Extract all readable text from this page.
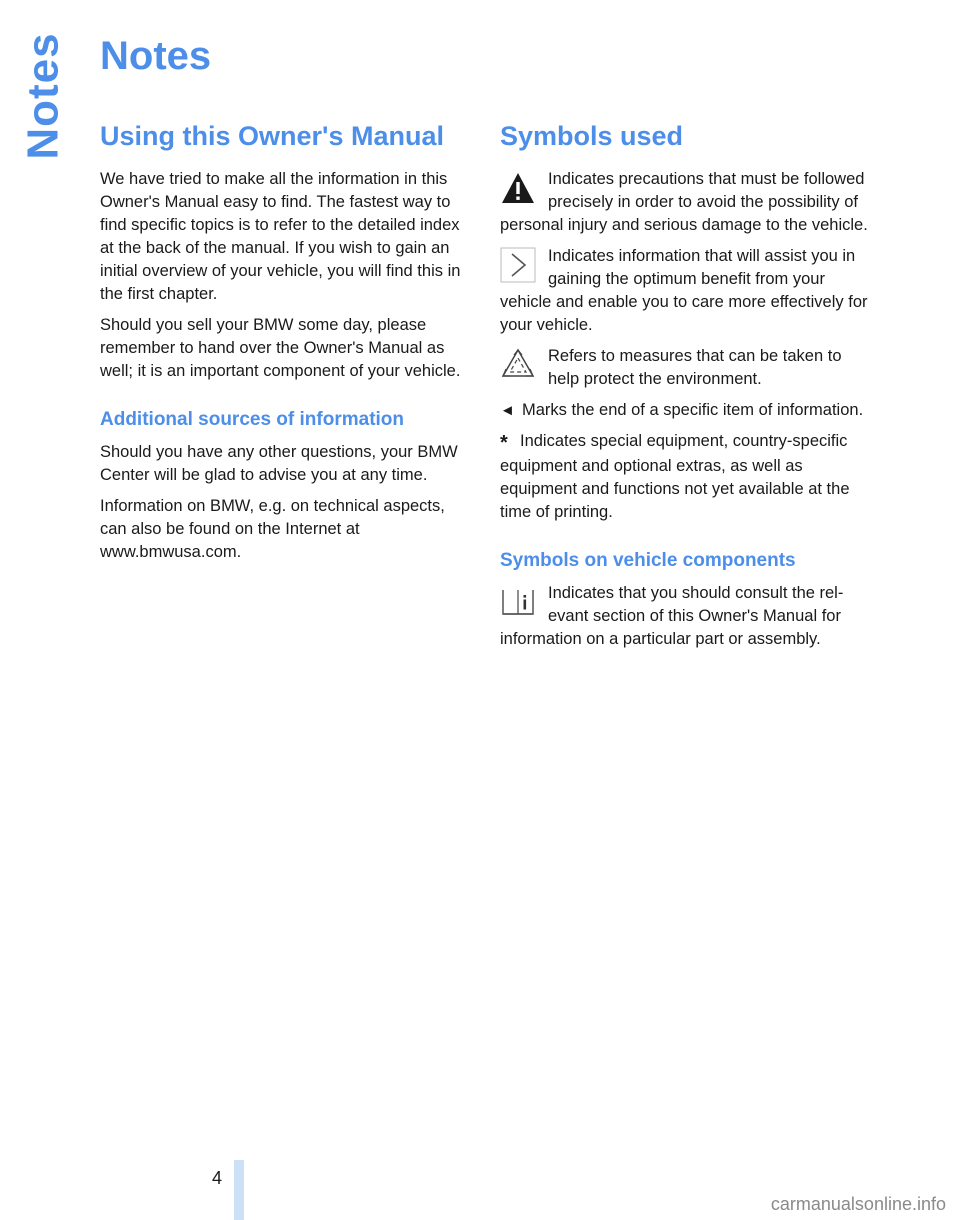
Notes Notes
Using this Owner's Manual

We have tried to make all the information in this Owner's Manual easy to find. The fastest way to find specific topics is to refer to the detailed index at the back of the manual. If you wish to gain an initial overview of your vehicle, you will find this in the first chapter.

Should you sell your BMW some day, please remember to hand over the Owner's Manual as well; it is an important component of your vehicle.

Additional sources of information

Should you have any other questions, your BMW Center will be glad to advise you at any time.

Information on BMW, e.g. on technical aspects, can also be found on the Internet at www.bmwusa.com.

Symbols used

Indicates precautions that must be followed precisely in order to avoid the possibility of personal injury and serious damage to the vehicle.

Indicates information that will assist you in gaining the optimum benefit from your vehicle and enable you to care more effectively for your vehicle.

Refers to measures that can be taken to help protect the environment.

◄ Marks the end of a specific item of information.

* Indicates special equipment, country-specific equipment and optional extras, as well as equipment and functions not yet available at the time of printing.

Symbols on vehicle components

Indicates that you should consult the relevant section of this Owner's Manual for information on a particular part or assembly.

4
carmanualsonline.info
